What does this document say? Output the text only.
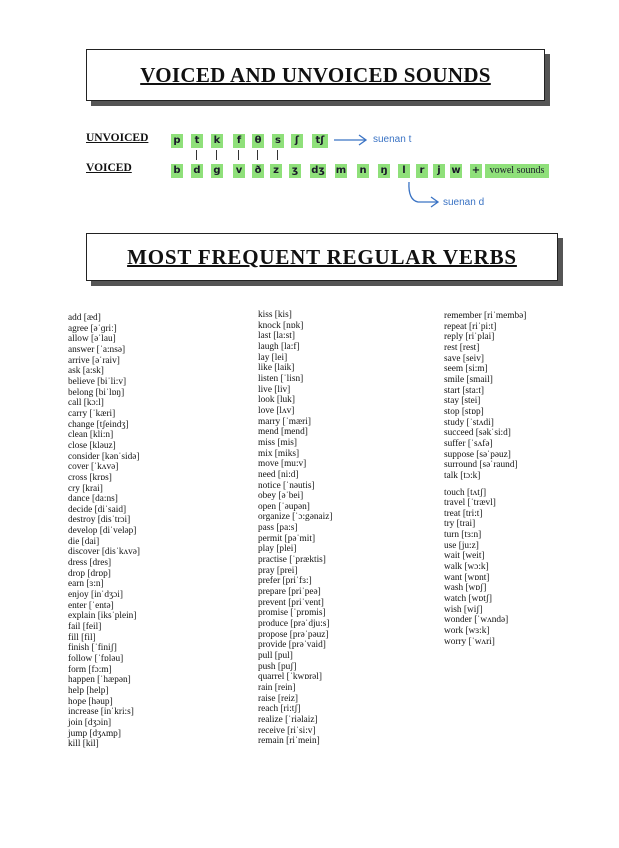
VOICED AND UNVOICED SOUNDS
UNVOICED
VOICED
p	t	k	f	θ	s	ʃ	tʃ	suenan t
b d g v ð	z	ʒ dʒ m n ŋ	l	r	j	w + vowel sounds
suenan d
MOST FREQUENT REGULAR VERBS
add [æd]
agree [əˈɡriː]
allow [əˈlau]
answer [ˈa:nsə]
arrive [əˈraiv]
ask [a:sk]
believe [biˈli:v]
belong [biˈlɒŋ]
call [kɔ:l]
carry [ˈkæri]
change [tʃeindʒ]
clean [kli:n]
close [kləuz]
consider [kənˈsidə]
cover [ˈkʌvə]
cross [krɒs]
cry [krai]
dance [da:ns]
decide [diˈsaid]
destroy [disˈtrɔi]
develop [diˈveləp]
die [dai]
discover [disˈkʌvə]
dress [dres]
drop [drɒp]
earn [ɜ:n]
enjoy [inˈdʒɔi]
enter [ˈentə]
explain [iksˈplein]
fail [feil]
fill [fil]
finish [ˈfiniʃ]
follow [ˈfɒləu]
form [fɔ:m]
happen [ˈhæpən]
help [help]
hope [həup]
increase [inˈkri:s]
join [dʒɔin]
jump [dʒʌmp]
kill [kil]
kiss [kis]
knock [nɒk]
last [la:st]
laugh [la:f]
lay [lei]
like [laik]
listen [ˈlisn]
live [liv]
look [luk]
love [lʌv]
marry [ˈmæri]
mend [mend]
miss [mis]
mix [miks]
move [mu:v]
need [ni:d]
notice [ˈnəutis]
obey [əˈbei]
open [ˈəupən]
organize [ˈɔ:gənaiz]
pass [pa:s]
permit [pəˈmit]
play [plei]
practise [ˈpræktis]
pray [prei]
prefer [priˈfɜ:]
prepare [priˈpeə]
prevent [priˈvent]
promise [ˈprɒmis]
produce [prəˈdju:s]
propose [prəˈpəuz]
provide [prəˈvaid]
pull [pul]
push [puʃ]
quarrel [ˈkwɒrəl]
rain [rein]
raise [reiz]
reach [ri:tʃ]
realize [ˈriəlaiz]
receive [riˈsi:v]
remain [riˈmein]
remember [riˈmembə]
repeat [riˈpi:t]
reply [riˈplai]
rest [rest]
save [seiv]
seem [si:m]
smile [smail]
start [sta:t]
stay [stei]
stop [stɒp]
study [ˈstʌdi]
succeed [səkˈsi:d]
suffer [ˈsʌfə]
suppose [səˈpəuz]
surround [səˈraund]
talk [tɔ:k]
touch [tʌtʃ]
travel [ˈtrævl]
treat [tri:t]
try [trai]
turn [tɜ:n]
use [ju:z]
wait [weit]
walk [wɔ:k]
want [wɒnt]
wash [wɒʃ]
watch [wɒtʃ]
wish [wiʃ]
wonder [ˈwʌndə]
work [wɜ:k]
worry [ˈwʌri]
